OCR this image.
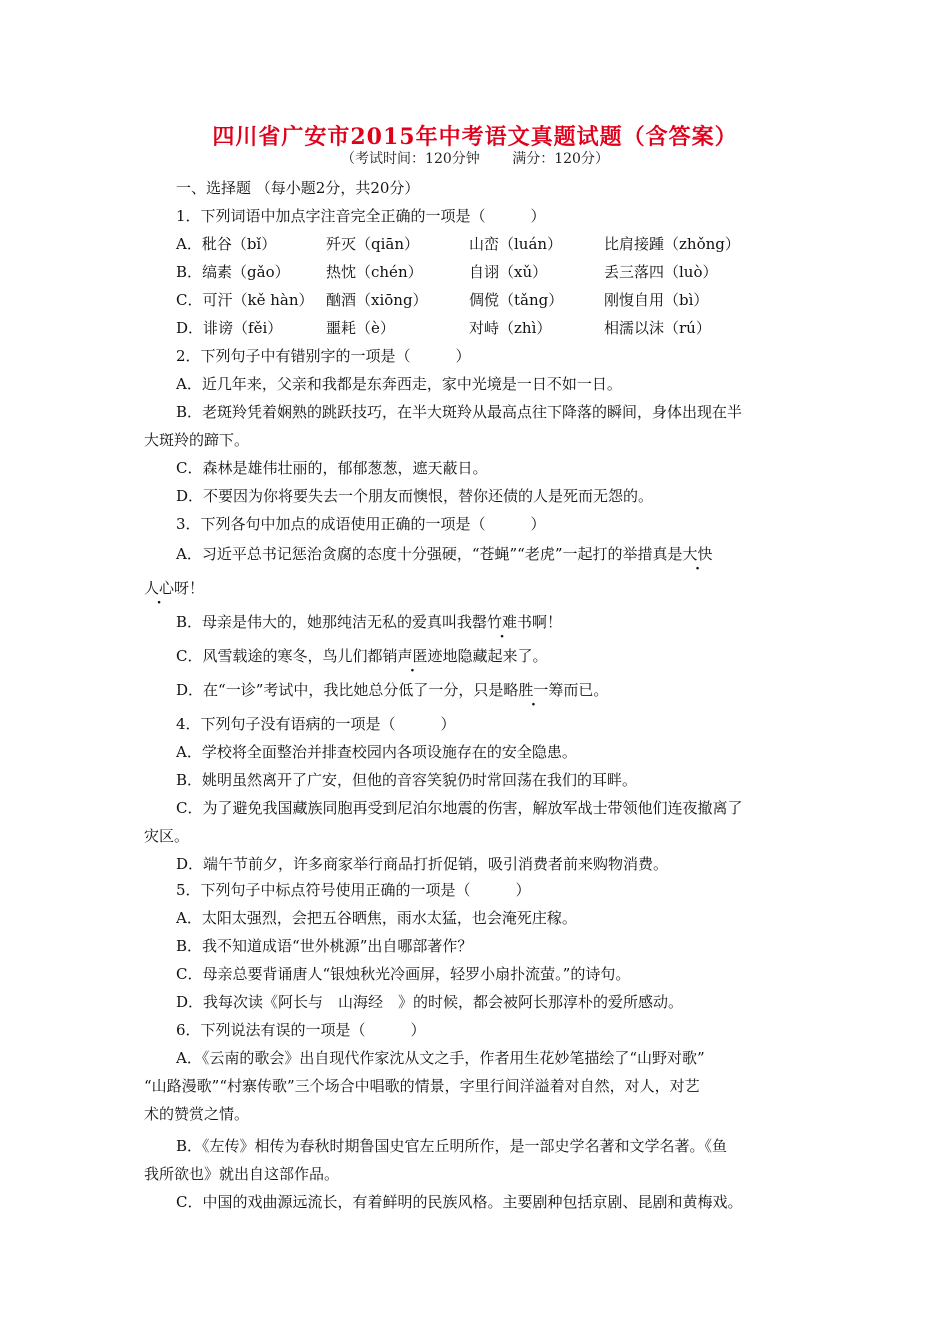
四川省广安市2015年中考语文真题试题（含答案）
（考试时间：120分钟 满分：120分）
一、选择题 （每小题2分，共20分）
1．下列词语中加点字注音完全正确的一项是（　　　）
A．秕谷（bǐ）	歼灭（qiān）	山峦（luán）	比肩接踵（zhǒng）
B．缟素（gǎo） 热忱（chén）	自诩（xǔ）	丢三落四（luò）
C．可汗（kě hàn） 酗酒（xiōng）	倜傥（tǎng）	刚愎自用（bì）
D．诽谤（fěi）	噩耗（è）	对峙（zhì）	相濡以沫（rú）
2．下列句子中有错别字的一项是（　　　）
A．近几年来，父亲和我都是东奔西走，家中光境是一日不如一日。
B．老斑羚凭着娴熟的跳跃技巧，在半大斑羚从最高点往下降落的瞬间，身体出现在半
大斑羚的蹄下。
C．森林是雄伟壮丽的，郁郁葱葱，遮天蔽日。
D．不要因为你将要失去一个朋友而懊恨，替你还债的人是死而无怨的。
3．下列各句中加点的成语使用正确的一项是（　　　）
A．习近平总书记惩治贪腐的态度十分强硬，“苍蝇”“老虎”一起打的举措真是大快
人心呀！
B．母亲是伟大的，她那纯洁无私的爱真叫我罄竹难书啊！
C．风雪载途的寒冬，鸟儿们都销声匿迹地隐藏起来了。
D．在“一诊”考试中，我比她总分低了一分，只是略胜一筹而已。
4．下列句子没有语病的一项是（　　　）
A．学校将全面整治并排查校园内各项设施存在的安全隐患。
B．姚明虽然离开了广安，但他的音容笑貌仍时常回荡在我们的耳畔。
C．为了避免我国藏族同胞再受到尼泊尔地震的伤害，解放军战士带领他们连夜撤离了
灾区。
D．端午节前夕，许多商家举行商品打折促销，吸引消费者前来购物消费。
5．下列句子中标点符号使用正确的一项是（　　　）
A．太阳太强烈，会把五谷晒焦，雨水太猛，也会淹死庄稼。
B．我不知道成语“世外桃源”出自哪部著作？
C．母亲总要背诵唐人“银烛秋光冷画屏，轻罗小扇扑流萤。”的诗句。
D．我每次读《阿长与　山海经　》的时候，都会被阿长那淳朴的爱所感动。
6．下列说法有误的一项是（　　　）
A．《云南的歌会》出自现代作家沈从文之手，作者用生花妙笔描绘了“山野对歌”
“山路漫歌”“村寨传歌”三个场合中唱歌的情景，字里行间洋溢着对自然，对人，对艺
术的赞赏之情。
B．《左传》相传为春秋时期鲁国史官左丘明所作，是一部史学名著和文学名著。《鱼
我所欲也》就出自这部作品。
C．中国的戏曲源远流长，有着鲜明的民族风格。主要剧种包括京剧、昆剧和黄梅戏。
